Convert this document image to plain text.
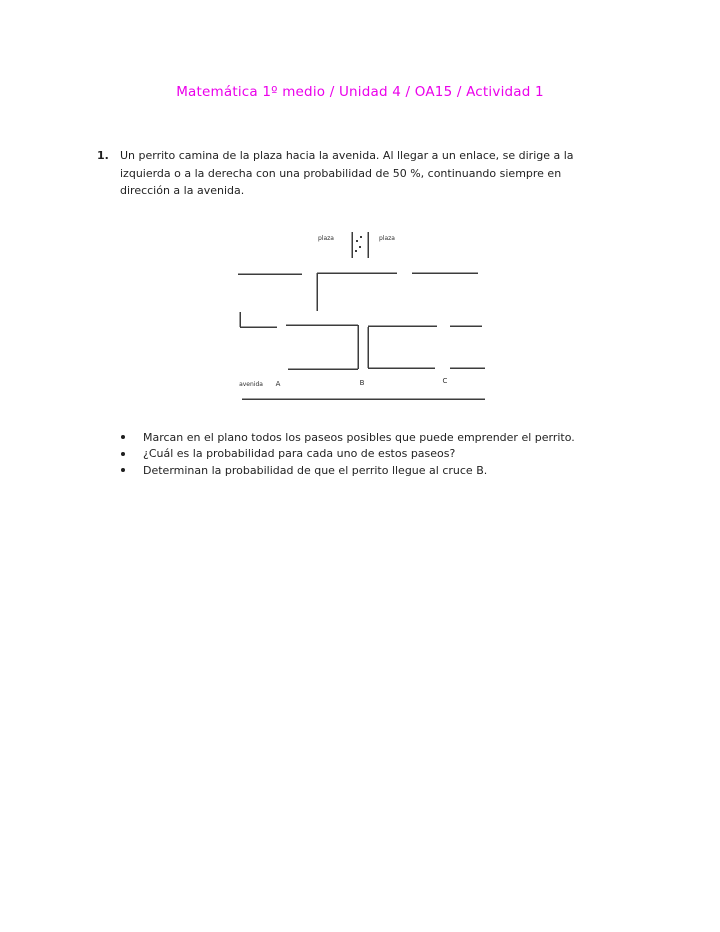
Matemática 1º medio / Unidad 4 / OA15 / Actividad 1
1.	Un perrito camina de la plaza hacia la avenida. Al llegar a un enlace, se dirige a la
izquierda o a la derecha con una probabilidad de 50 %, continuando siempre en
dirección a la avenida.
plaza	plaza
avenida A	B	C
Marcan en el plano todos los paseos posibles que puede emprender el perrito.
¿Cuál es la probabilidad para cada uno de estos paseos?
Determinan la probabilidad de que el perrito llegue al cruce B.
